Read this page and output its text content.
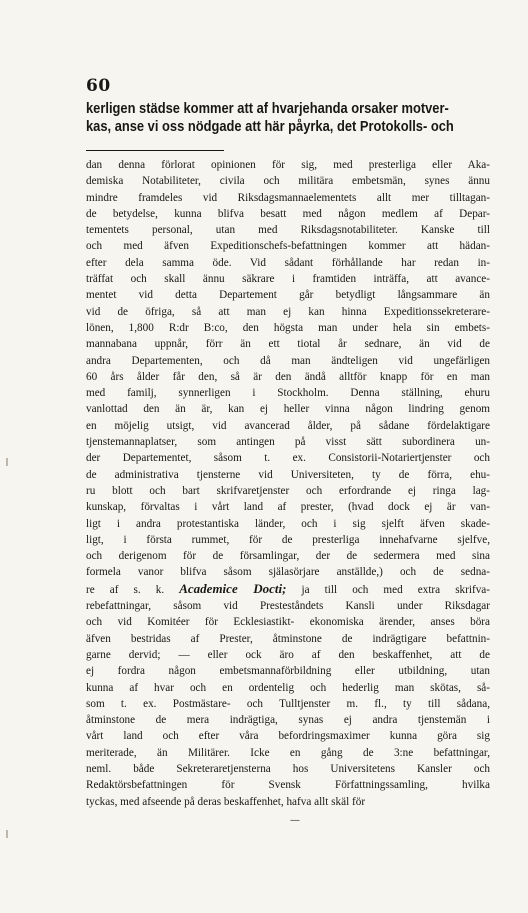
60
kerligen städse kommer att af hvarjehanda orsaker motver-
kas, anse vi oss nödgade att här påyrka, det Protokolls- och
dan denna förlorat opinionen för sig, med presterliga eller Aka-
demiska Notabiliteter, civila och militära embetsmän, synes ännu
mindre framdeles vid Riksdagsmannaelementets allt mer tilltagan-
de betydelse, kunna blifva besatt med någon medlem af Depar-
tementets personal, utan med Riksdagsnotabiliteter. Kanske till
och med äfven Expeditionschefs-befattningen kommer att hädan-
efter dela samma öde. Vid sådant förhållande har redan in-
träffat och skall ännu säkrare i framtiden inträffa, att avance-
mentet vid detta Departement går betydligt långsammare än
vid de öfriga, så att man ej kan hinna Expeditionssekreterare-
lönen, 1,800 R:dr B:co, den högsta man under hela sin embets-
mannabana uppnår, förr än ett tiotal år sednare, än vid de
andra Departementen, och då man ändteligen vid ungefärligen
60 års ålder får den, så är den ändå alltför knapp för en man
med familj, synnerligen i Stockholm. Denna ställning, ehuru
vanlottad den än är, kan ej heller vinna någon lindring genom
en möjelig utsigt, vid avancerad ålder, på sådane fördelaktigare
tjenstemannaplatser, som antingen på visst sätt subordinera un-
der Departementet, såsom t. ex. Consistorii-Notariertjenster och
de administrativa tjensterne vid Universiteten, ty de förra, ehu-
ru blott och bart skrifvaretjenster och erfordrande ej ringa lag-
kunskap, förvaltas i vårt land af prester, (hvad dock ej är van-
ligt i andra protestantiska länder, och i sig sjelft äfven skade-
ligt, i första rummet, för de presterliga innehafvarne sjelfve,
och derigenom för de församlingar, der de sedermera med sina
formela vanor blifva såsom själasörjare anställde,) och de sedna-
re af s. k. Academice Docti; ja till och med extra skrifva-
rebefattningar, såsom vid Presteståndets Kansli under Riksdagar
och vid Komitéer för Ecklesiastikt- ekonomiska ärender, anses böra
äfven bestridas af Prester, åtminstone de indrägtigare befattnin-
garne dervid; — eller ock äro af den beskaffenhet, att de
ej fordra någon embetsmannaförbildning eller utbildning, utan
kunna af hvar och en ordentelig och hederlig man skötas, så-
som t. ex. Postmästare- och Tulltjenster m. fl., ty till sådana,
åtminstone de mera indrägtiga, synas ej andra tjenstemän i
vårt land och efter våra befordringsmaximer kunna göra sig
meriterade, än Militärer. Icke en gång de 3:ne befattningar,
neml. både Sekreteraretjensterna hos Universitetens Kansler och
Redaktörsbefattningen för Svensk Författningssamling, hvilka
tyckas, med afseende på deras beskaffenhet, hafva allt skäl för
—
